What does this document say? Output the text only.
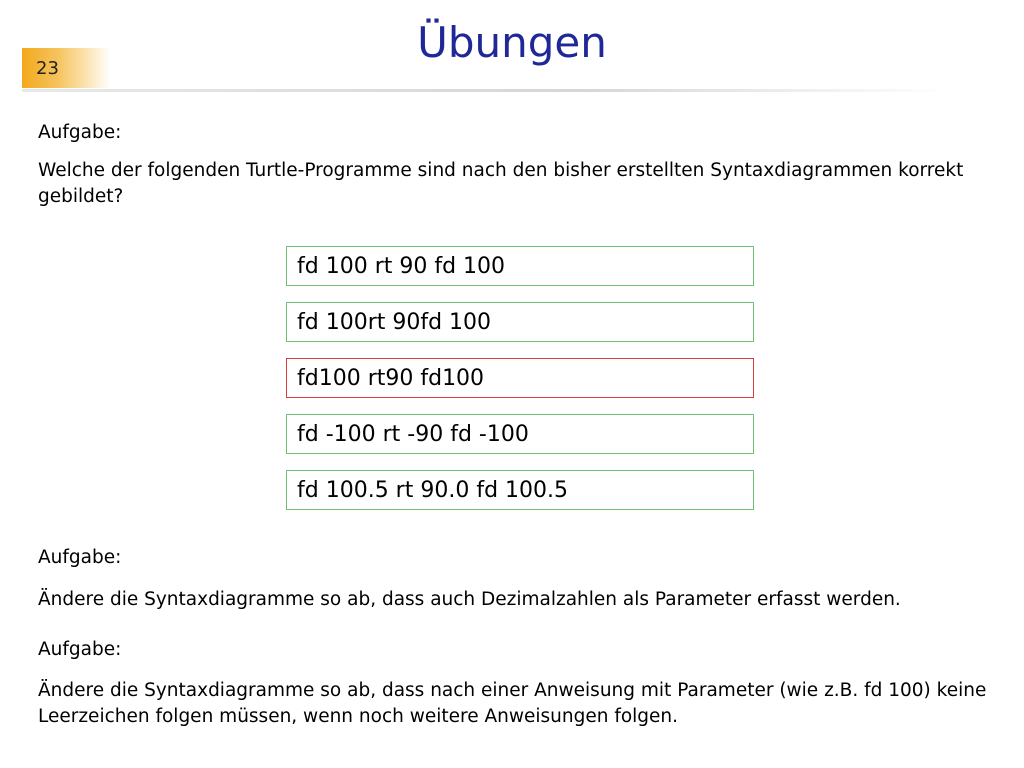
23
Übungen
Aufgabe:
Welche der folgenden Turtle-Programme sind nach den bisher erstellten Syntaxdiagrammen korrekt gebildet?
fd 100 rt 90 fd 100
fd 100rt 90fd 100
fd100 rt90 fd100
fd -100 rt -90 fd -100
fd 100.5 rt 90.0 fd 100.5
Aufgabe:
Ändere die Syntaxdiagramme so ab, dass auch Dezimalzahlen als Parameter erfasst werden.
Aufgabe:
Ändere die Syntaxdiagramme so ab, dass nach einer Anweisung mit Parameter (wie z.B. fd 100) keine Leerzeichen folgen müssen, wenn noch weitere Anweisungen folgen.
